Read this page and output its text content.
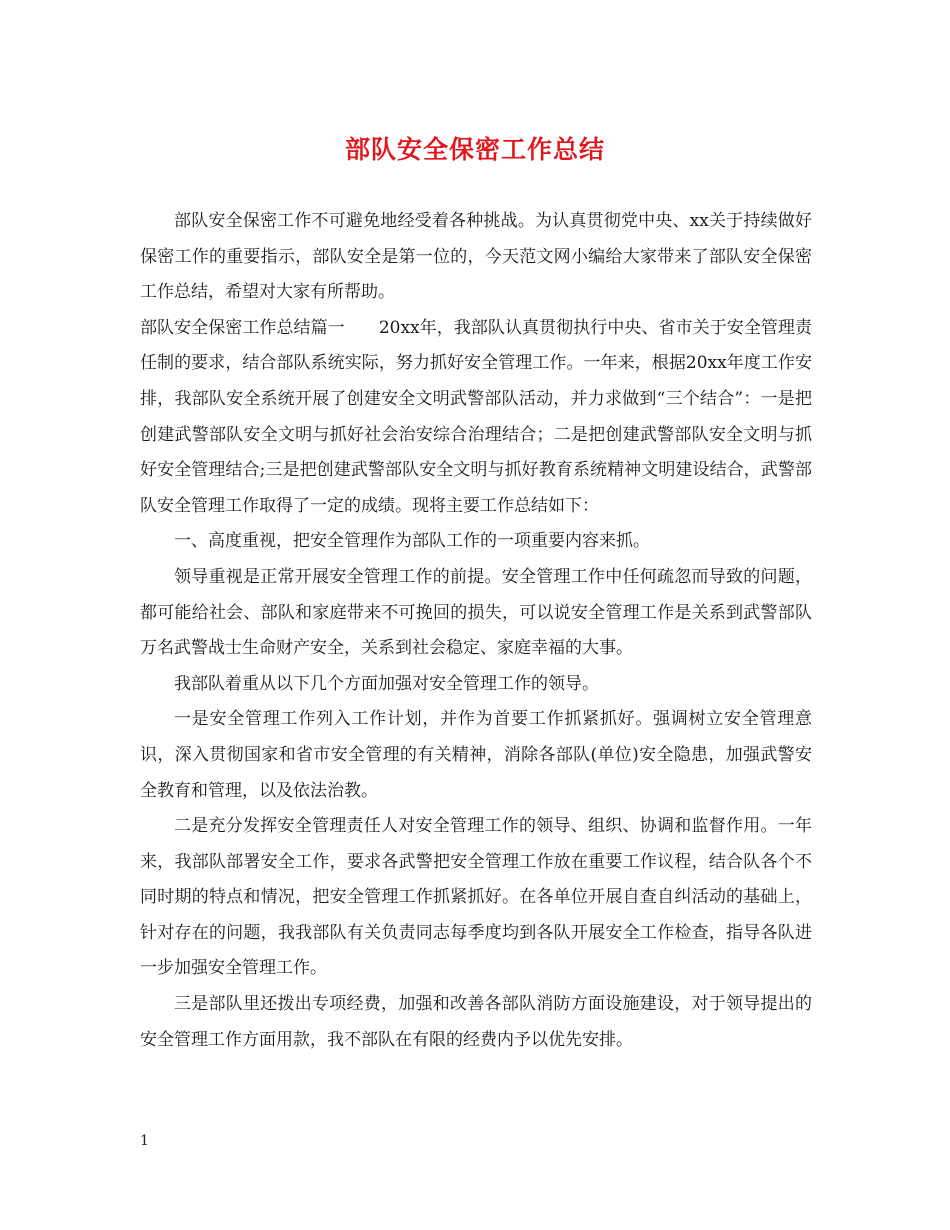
部队安全保密工作总结

部队安全保密工作不可避免地经受着各种挑战。为认真贯彻党中央、xx关于持续做好保密工作的重要指示，部队安全是第一位的，今天范文网小编给大家带来了部队安全保密工作总结，希望对大家有所帮助。

部队安全保密工作总结篇一　　20xx年，我部队认真贯彻执行中央、省市关于安全管理责任制的要求，结合部队系统实际，努力抓好安全管理工作。一年来，根据20xx年度工作安排，我部队安全系统开展了创建安全文明武警部队活动，并力求做到“三个结合”：一是把创建武警部队安全文明与抓好社会治安综合治理结合；二是把创建武警部队安全文明与抓好安全管理结合;三是把创建武警部队安全文明与抓好教育系统精神文明建设结合，武警部队安全管理工作取得了一定的成绩。现将主要工作总结如下：

一、高度重视，把安全管理作为部队工作的一项重要内容来抓。

领导重视是正常开展安全管理工作的前提。安全管理工作中任何疏忽而导致的问题，都可能给社会、部队和家庭带来不可挽回的损失，可以说安全管理工作是关系到武警部队万名武警战士生命财产安全，关系到社会稳定、家庭幸福的大事。

我部队着重从以下几个方面加强对安全管理工作的领导。

一是安全管理工作列入工作计划，并作为首要工作抓紧抓好。强调树立安全管理意识，深入贯彻国家和省市安全管理的有关精神，消除各部队(单位)安全隐患，加强武警安全教育和管理，以及依法治教。

二是充分发挥安全管理责任人对安全管理工作的领导、组织、协调和监督作用。一年来，我部队部署安全工作，要求各武警把安全管理工作放在重要工作议程，结合队各个不同时期的特点和情况，把安全管理工作抓紧抓好。在各单位开展自查自纠活动的基础上，针对存在的问题，我我部队有关负责同志每季度均到各队开展安全工作检查，指导各队进一步加强安全管理工作。

三是部队里还拨出专项经费，加强和改善各部队消防方面设施建设，对于领导提出的安全管理工作方面用款，我不部队在有限的经费内予以优先安排。

1
